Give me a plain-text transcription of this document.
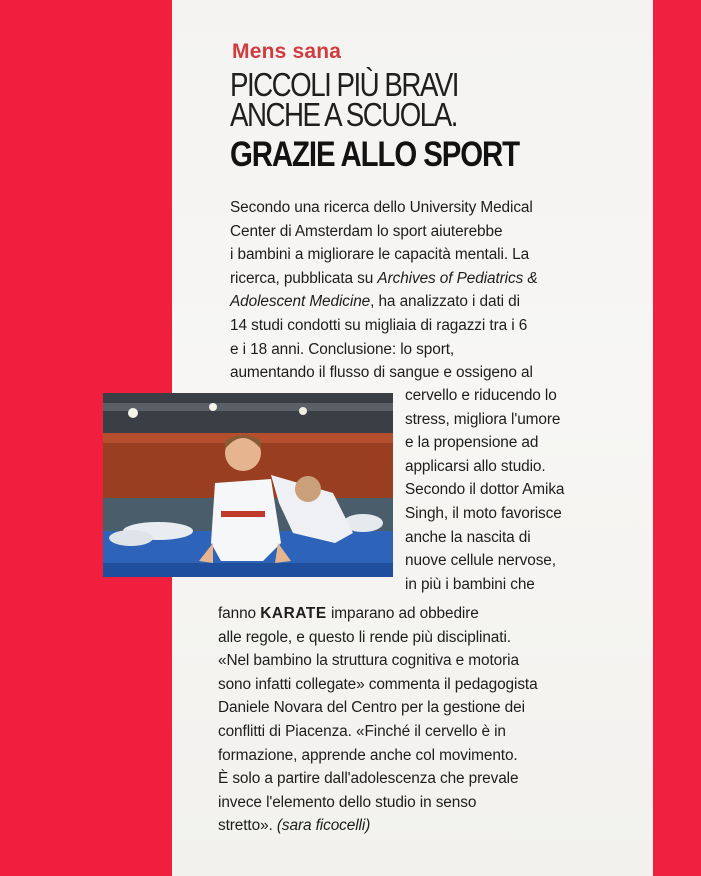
Mens sana
PICCOLI PIÙ BRAVI
ANCHE A SCUOLA.
GRAZIE ALLO SPORT

Secondo una ricerca dello University Medical

Center di Amsterdam lo sport aiuterebbe

i bambini a migliorare le capacità mentali. La

ricerca, pubblicata su Archives of Pediatrics &

Adolescent Medicine, ha analizzato i dati di

14 studi condotti su migliaia di ragazzi tra i 6

e i 18 anni. Conclusione: lo sport,

aumentando il flusso di sangue e ossigeno al

cervello e riducendo lo

stress, migliora l'umore

e la propensione ad

applicarsi allo studio.

Secondo il dottor Amika

Singh, il moto favorisce

anche la nascita di

nuove cellule nervose,

in più i bambini che

fanno KARATE imparano ad obbedire

alle regole, e questo li rende più disciplinati.

«Nel bambino la struttura cognitiva e motoria

sono infatti collegate» commenta il pedagogista

Daniele Novara del Centro per la gestione dei

conflitti di Piacenza. «Finché il cervello è in

formazione, apprende anche col movimento.

È solo a partire dall'adolescenza che prevale

invece l'elemento dello studio in senso

stretto». (sara ficocelli)
